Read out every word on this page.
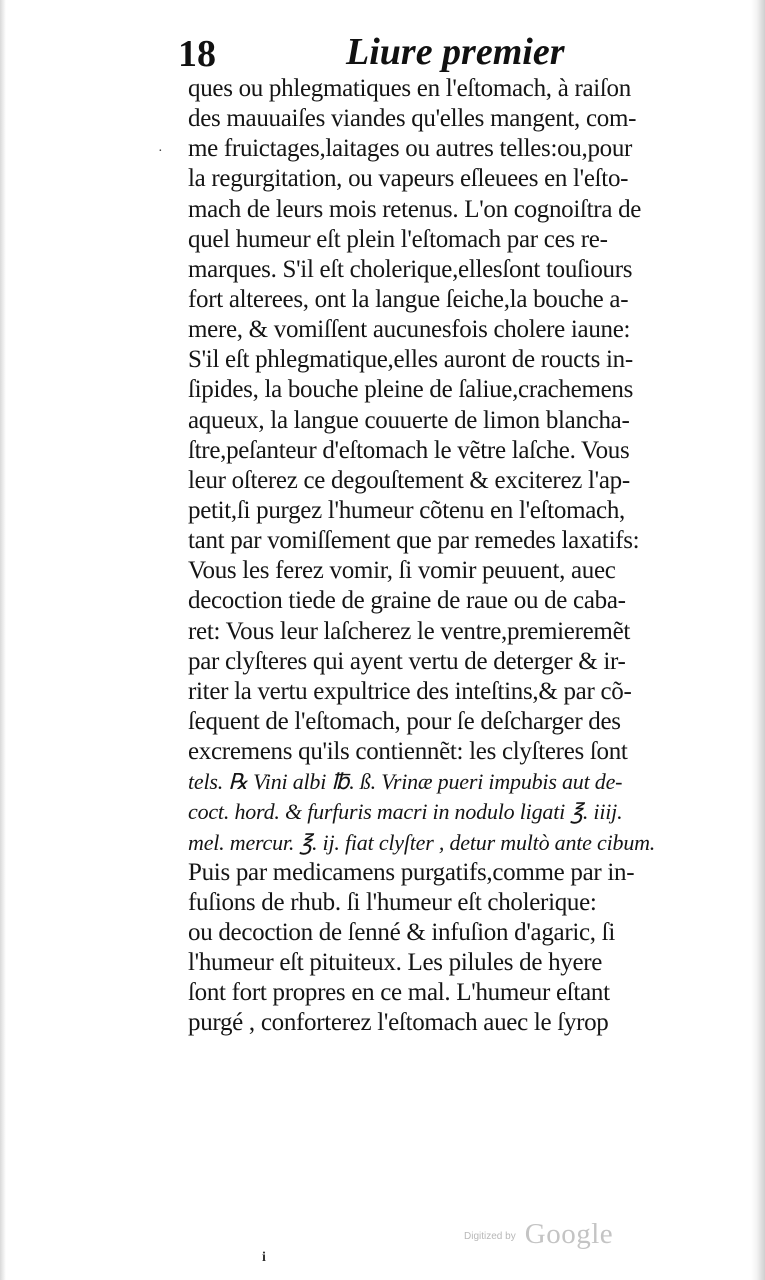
18	Liure premier
·
ques ou phlegmatiques en l'eſtomach, à raiſon
des mauuaiſes viandes qu'elles mangent, com-
me fruictages,laitages ou autres telles:ou,pour
la regurgitation, ou vapeurs eſleuees en l'eſto-
mach de leurs mois retenus. L'on cognoiſtra de
quel humeur eſt plein l'eſtomach par ces re-
marques. S'il eſt cholerique,ellesſont touſiours
fort alterees, ont la langue ſeiche,la bouche a-
mere, & vomiſſent aucunesfois cholere iaune:
S'il eſt phlegmatique,elles auront de roucts in-
ſipides, la bouche pleine de ſaliue,crachemens
aqueux, la langue couuerte de limon blancha-
ſtre,peſanteur d'eſtomach le vẽtre laſche. Vous
leur oſterez ce degouſtement & exciterez l'ap-
petit,ſi purgez l'humeur cõtenu en l'eſtomach,
tant par vomiſſement que par remedes laxatifs:
Vous les ferez vomir, ſi vomir peuuent, auec
decoction tiede de graine de raue ou de caba-
ret: Vous leur laſcherez le ventre,premieremẽt
par clyſteres qui ayent vertu de deterger & ir-
riter la vertu expultrice des inteſtins,& par cõ-
ſequent de l'eſtomach, pour ſe deſcharger des
excremens qu'ils contiennẽt: les clyſteres ſont
tels. ℞ Vini albi ℔. ß. Vrinæ pueri impubis aut de-
coct. hord. & furfuris macri in nodulo ligati ℥. iiij.
mel. mercur. ℥. ij. fiat clyſter , detur multò ante cibum.
Puis par medicamens purgatifs,comme par in-
fuſions de rhub. ſi l'humeur eſt cholerique:
ou decoction de ſenné & infuſion d'agaric, ſi
l'humeur eſt pituiteux. Les pilules de hyere
ſont fort propres en ce mal. L'humeur eſtant
purgé , conforterez l'eſtomach auec le ſyrop
Digitized by Google
i
